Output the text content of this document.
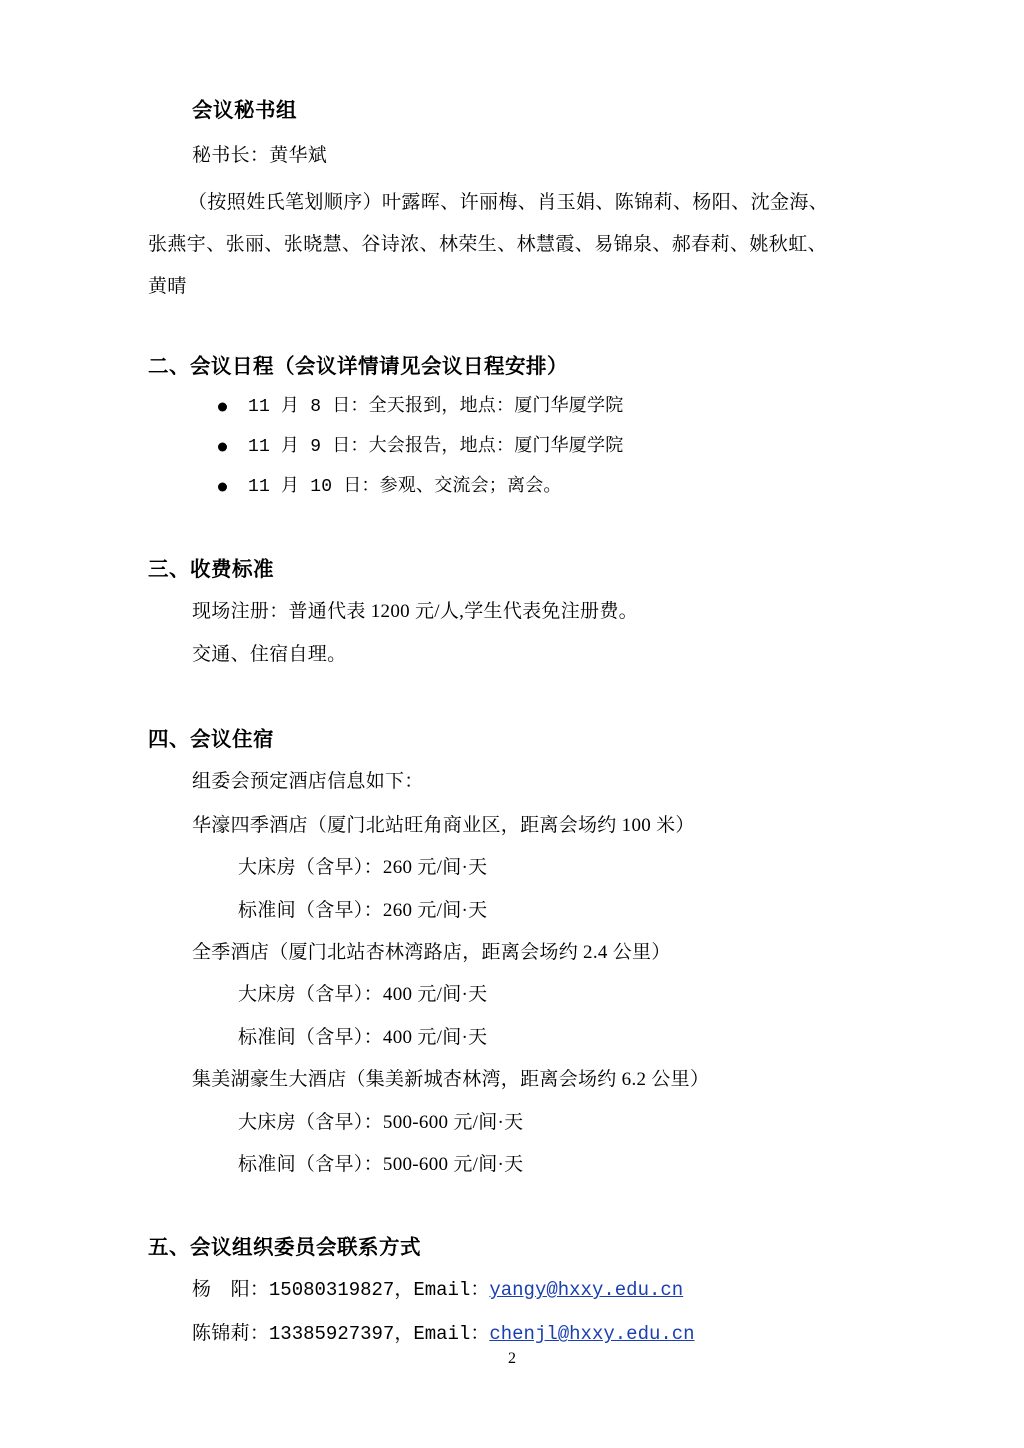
会议秘书组
秘书长：黄华斌
（按照姓氏笔划顺序）叶露晖、许丽梅、肖玉娟、陈锦莉、杨阳、沈金海、
张燕宇、张丽、张晓慧、谷诗浓、林荣生、林慧霞、易锦泉、郝春莉、姚秋虹、
黄晴
二、会议日程（会议详情请见会议日程安排）
11 月 8 日：全天报到，地点：厦门华厦学院
11 月 9 日：大会报告，地点：厦门华厦学院
11 月 10 日：参观、交流会；离会。
三、收费标准
现场注册：普通代表 1200 元/人,学生代表免注册费。
交通、住宿自理。
四、会议住宿
组委会预定酒店信息如下：
华濠四季酒店（厦门北站旺角商业区，距离会场约 100 米）
大床房（含早）：260 元/间·天
标准间（含早）：260 元/间·天
全季酒店（厦门北站杏林湾路店，距离会场约 2.4 公里）
大床房（含早）：400 元/间·天
标准间（含早）：400 元/间·天
集美湖豪生大酒店（集美新城杏林湾，距离会场约 6.2 公里）
大床房（含早）：500-600 元/间·天
标准间（含早）：500-600 元/间·天
五、会议组织委员会联系方式
杨　阳：15080319827，Email：yangy@hxxy.edu.cn
陈锦莉：13385927397，Email：chenjl@hxxy.edu.cn
2
